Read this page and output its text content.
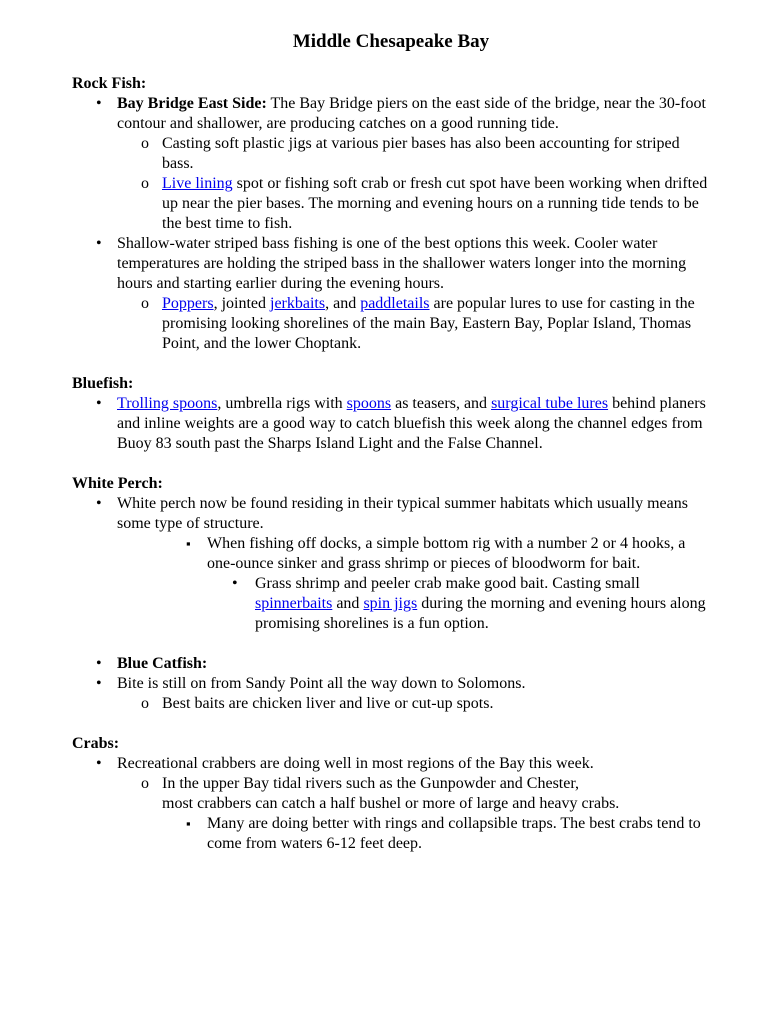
Middle Chesapeake Bay
Rock Fish:
• Bay Bridge East Side: The Bay Bridge piers on the east side of the bridge, near the 30-foot contour and shallower, are producing catches on a good running tide.
o Casting soft plastic jigs at various pier bases has also been accounting for striped bass.
o Live lining spot or fishing soft crab or fresh cut spot have been working when drifted up near the pier bases. The morning and evening hours on a running tide tends to be the best time to fish.
• Shallow-water striped bass fishing is one of the best options this week. Cooler water temperatures are holding the striped bass in the shallower waters longer into the morning hours and starting earlier during the evening hours.
o Poppers, jointed jerkbaits, and paddletails are popular lures to use for casting in the promising looking shorelines of the main Bay, Eastern Bay, Poplar Island, Thomas Point, and the lower Choptank.
Bluefish:
• Trolling spoons, umbrella rigs with spoons as teasers, and surgical tube lures behind planers and inline weights are a good way to catch bluefish this week along the channel edges from Buoy 83 south past the Sharps Island Light and the False Channel.
White Perch:
• White perch now be found residing in their typical summer habitats which usually means some type of structure.
▪ When fishing off docks, a simple bottom rig with a number 2 or 4 hooks, a one-ounce sinker and grass shrimp or pieces of bloodworm for bait.
• Grass shrimp and peeler crab make good bait. Casting small spinnerbaits and spin jigs during the morning and evening hours along promising shorelines is a fun option.
• Blue Catfish:
• Bite is still on from Sandy Point all the way down to Solomons.
o Best baits are chicken liver and live or cut-up spots.
Crabs:
• Recreational crabbers are doing well in most regions of the Bay this week.
o In the upper Bay tidal rivers such as the Gunpowder and Chester,
most crabbers can catch a half bushel or more of large and heavy crabs.
▪ Many are doing better with rings and collapsible traps. The best crabs tend to come from waters 6-12 feet deep.
